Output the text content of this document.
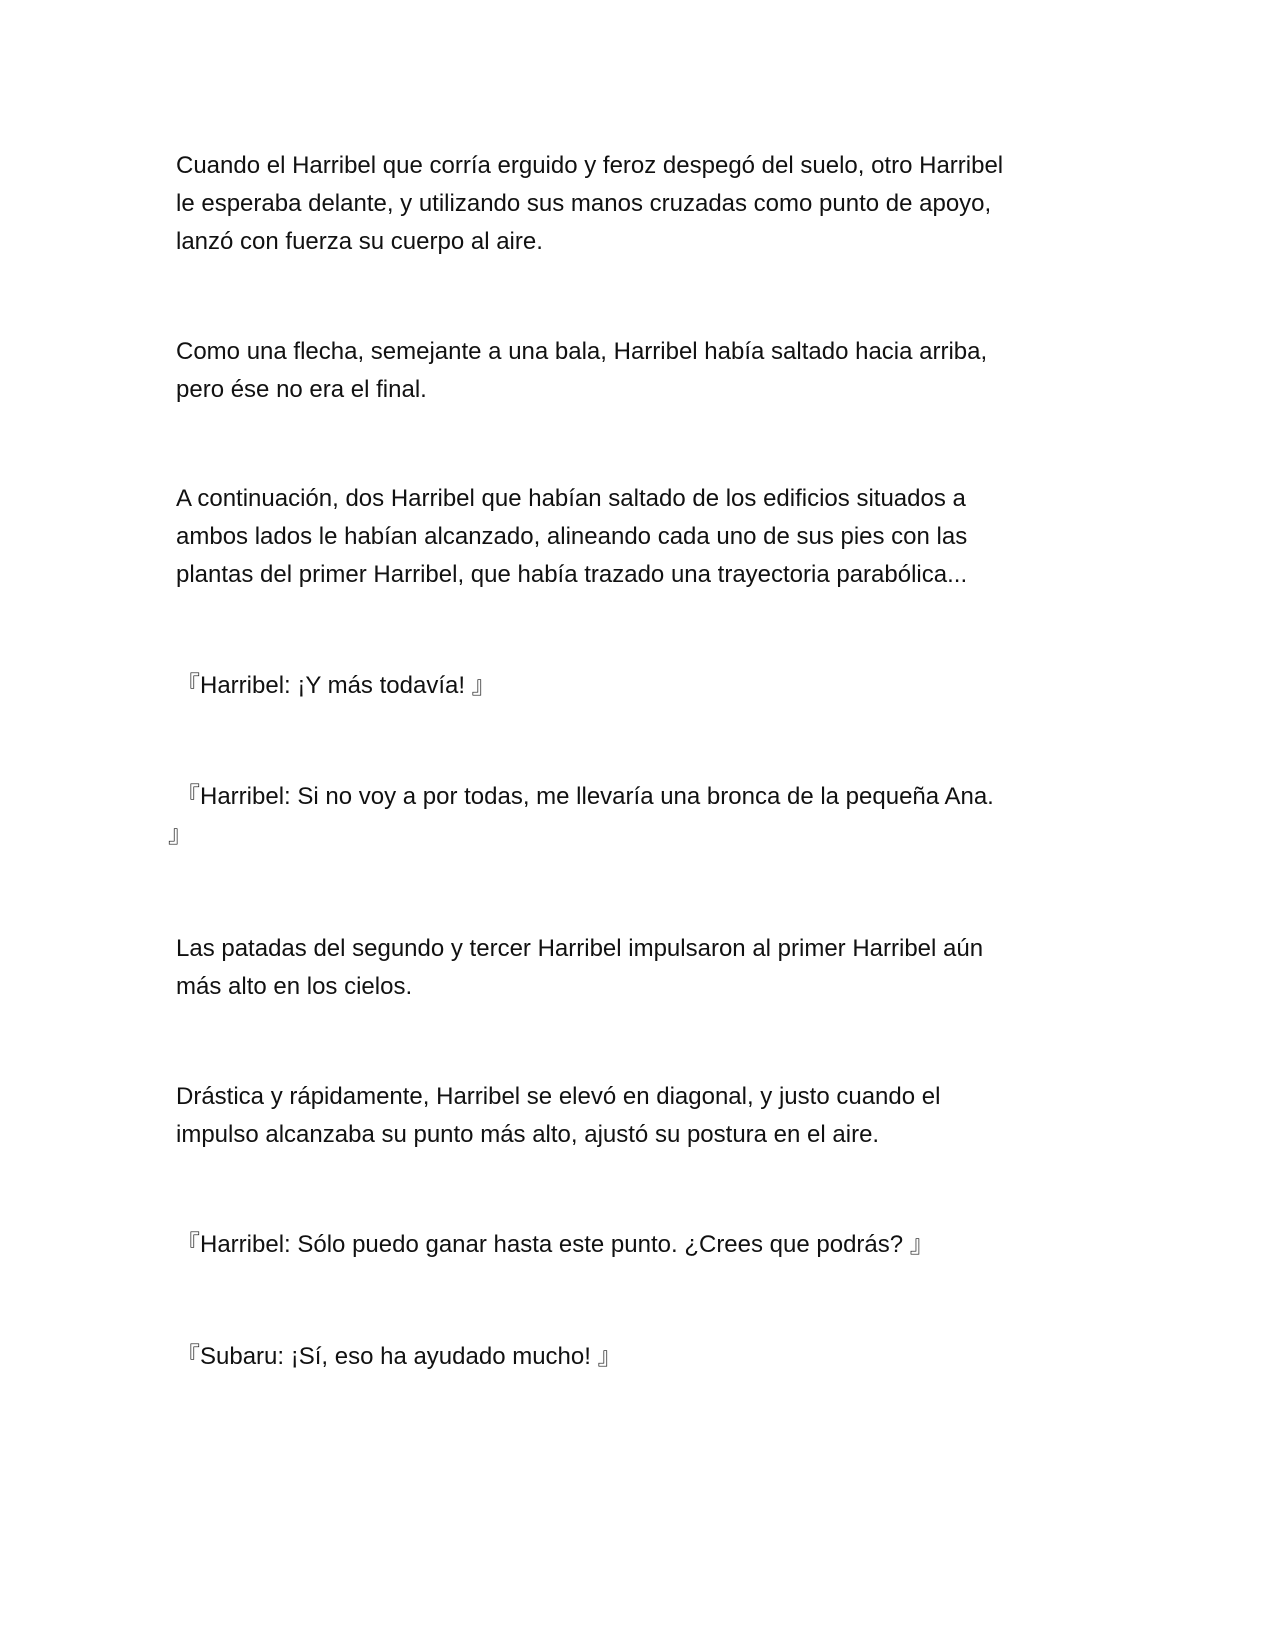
Cuando el Harribel que corría erguido y feroz despegó del suelo, otro Harribel
le esperaba delante, y utilizando sus manos cruzadas como punto de apoyo,
lanzó con fuerza su cuerpo al aire.

Como una flecha, semejante a una bala, Harribel había saltado hacia arriba,
pero ése no era el final.

A continuación, dos Harribel que habían saltado de los edificios situados a
ambos lados le habían alcanzado, alineando cada uno de sus pies con las
plantas del primer Harribel, que había trazado una trayectoria parabólica...

『Harribel: ¡Y más todavía! 』

『Harribel: Si no voy a por todas, me llevaría una bronca de la pequeña Ana.
』

Las patadas del segundo y tercer Harribel impulsaron al primer Harribel aún
más alto en los cielos.

Drástica y rápidamente, Harribel se elevó en diagonal, y justo cuando el
impulso alcanzaba su punto más alto, ajustó su postura en el aire.

『Harribel: Sólo puedo ganar hasta este punto. ¿Crees que podrás? 』

『Subaru: ¡Sí, eso ha ayudado mucho! 』
